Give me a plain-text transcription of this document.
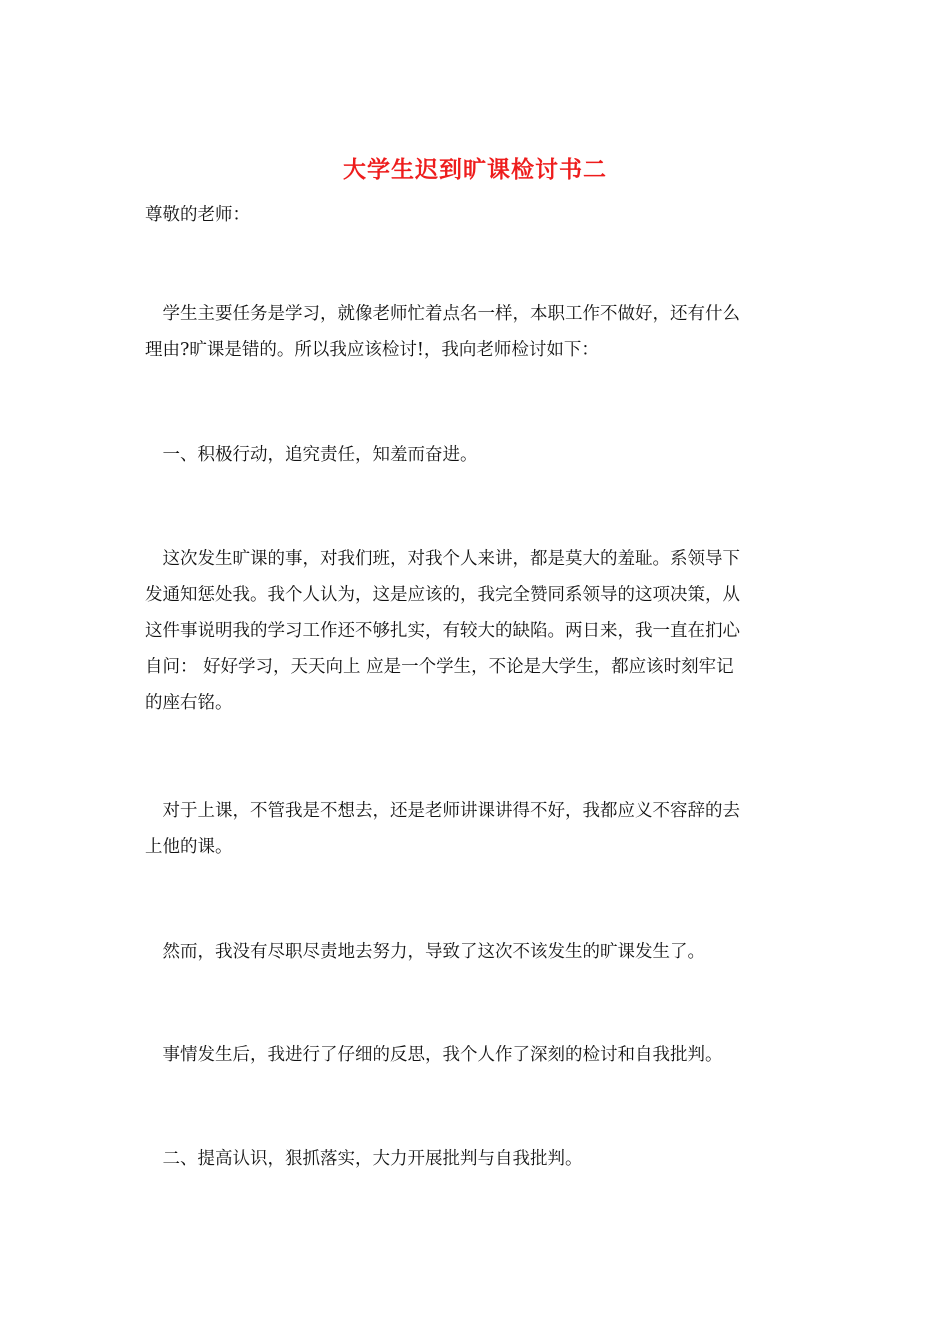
大学生迟到旷课检讨书二

尊敬的老师：

　学生主要任务是学习，就像老师忙着点名一样，本职工作不做好，还有什么
理由?旷课是错的。所以我应该检讨!，我向老师检讨如下：

　一、积极行动，追究责任，知羞而奋进。

　这次发生旷课的事，对我们班，对我个人来讲，都是莫大的羞耻。系领导下
发通知惩处我。我个人认为，这是应该的，我完全赞同系领导的这项决策，从
这件事说明我的学习工作还不够扎实，有较大的缺陷。两日来，我一直在扪心
自问： 好好学习，天天向上 应是一个学生，不论是大学生，都应该时刻牢记
的座右铭。

　对于上课，不管我是不想去，还是老师讲课讲得不好，我都应义不容辞的去
上他的课。

　然而，我没有尽职尽责地去努力，导致了这次不该发生的旷课发生了。

　事情发生后，我进行了仔细的反思，我个人作了深刻的检讨和自我批判。

　二、提高认识，狠抓落实，大力开展批判与自我批判。
